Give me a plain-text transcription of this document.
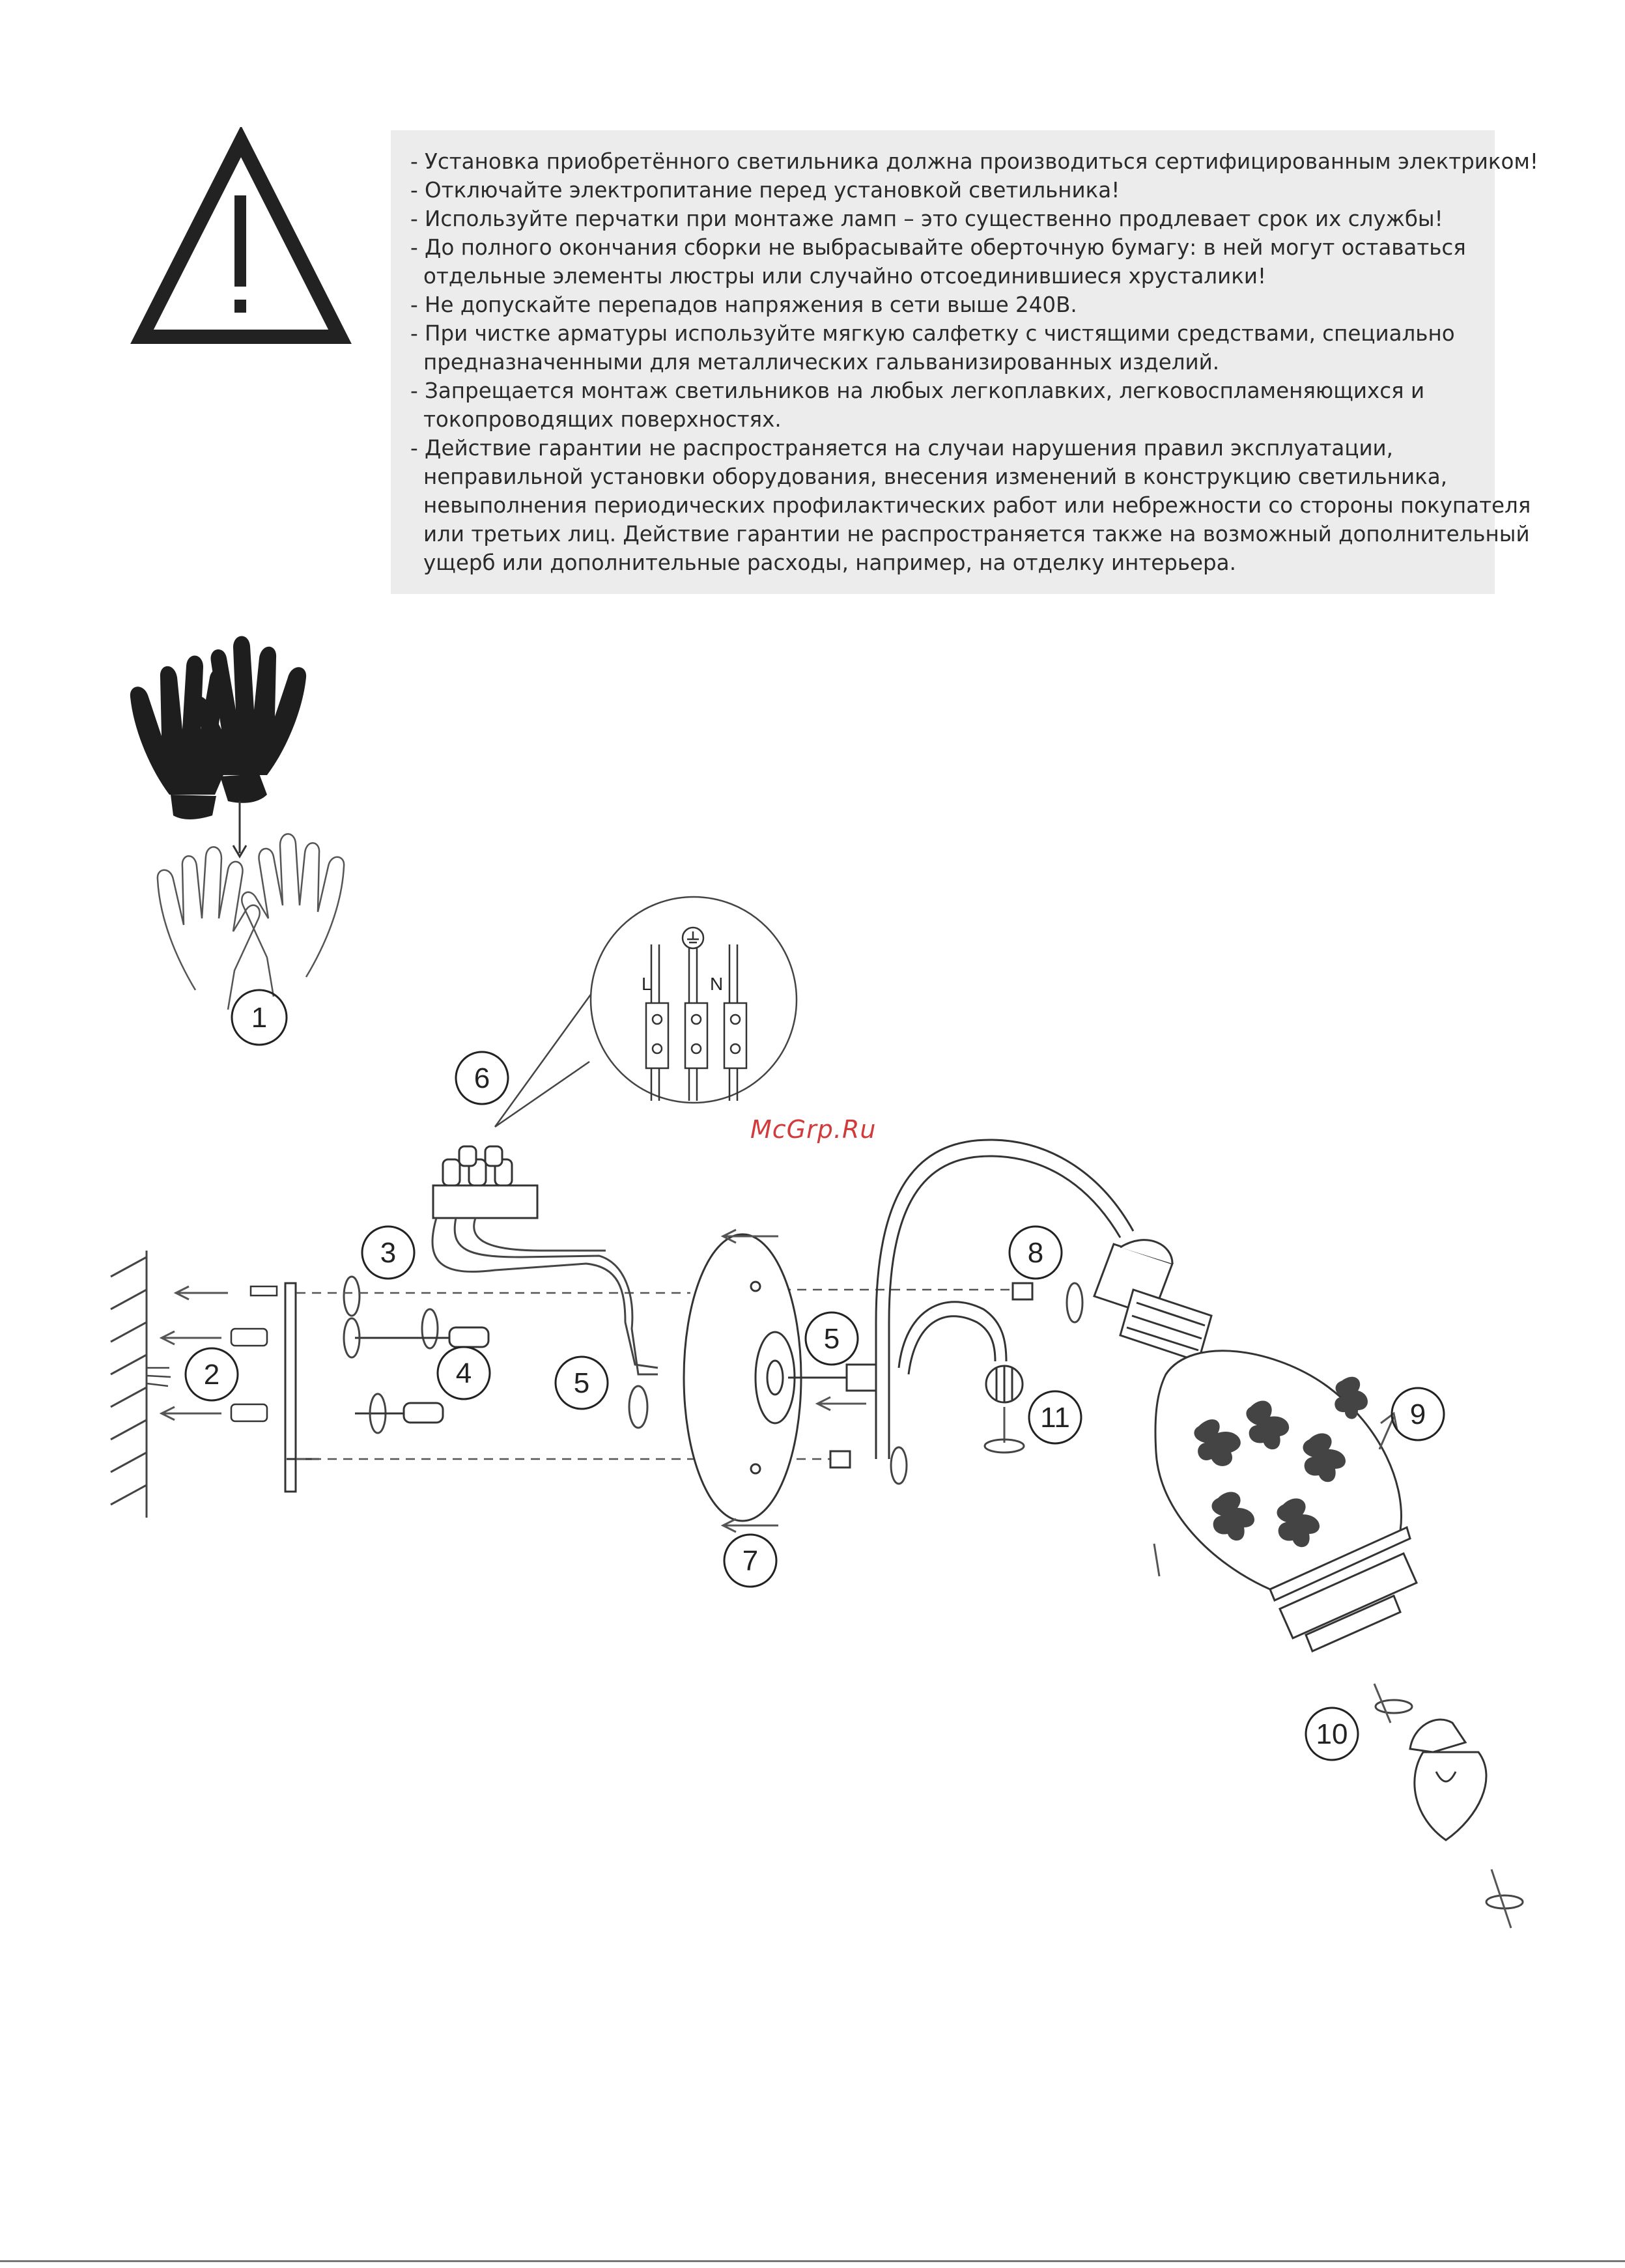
- Установка приобретённого светильника должна производиться сертифицированным электриком!

- Отключайте электропитание перед установкой светильника!

- Используйте перчатки при монтаже ламп – это существенно продлевает срок их службы!

- До полного окончания сборки не выбрасывайте оберточную бумагу: в ней могут оставаться

отдельные элементы люстры или случайно отсоединившиеся хрусталики!

- Не допускайте перепадов напряжения в сети выше 240В.

- При чистке арматуры используйте мягкую салфетку с чистящими средствами, специально

предназначенными для металлических гальванизированных изделий.

- Запрещается монтаж светильников на любых легкоплавких, легковоспламеняющихся и

токопроводящих поверхностях.

- Действие гарантии не распространяется на случаи нарушения правил эксплуатации,

неправильной установки оборудования, внесения изменений в конструкцию светильника,

невыполнения периодических профилактических работ или небрежности со стороны покупателя

или третьих лиц. Действие гарантии не распространяется также на возможный дополнительный

ущерб или дополнительные расходы, например, на отделку интерьера.

1
2	4
3
6
L	N
5
7
5
8
11	9
10
McGrp.Ru
